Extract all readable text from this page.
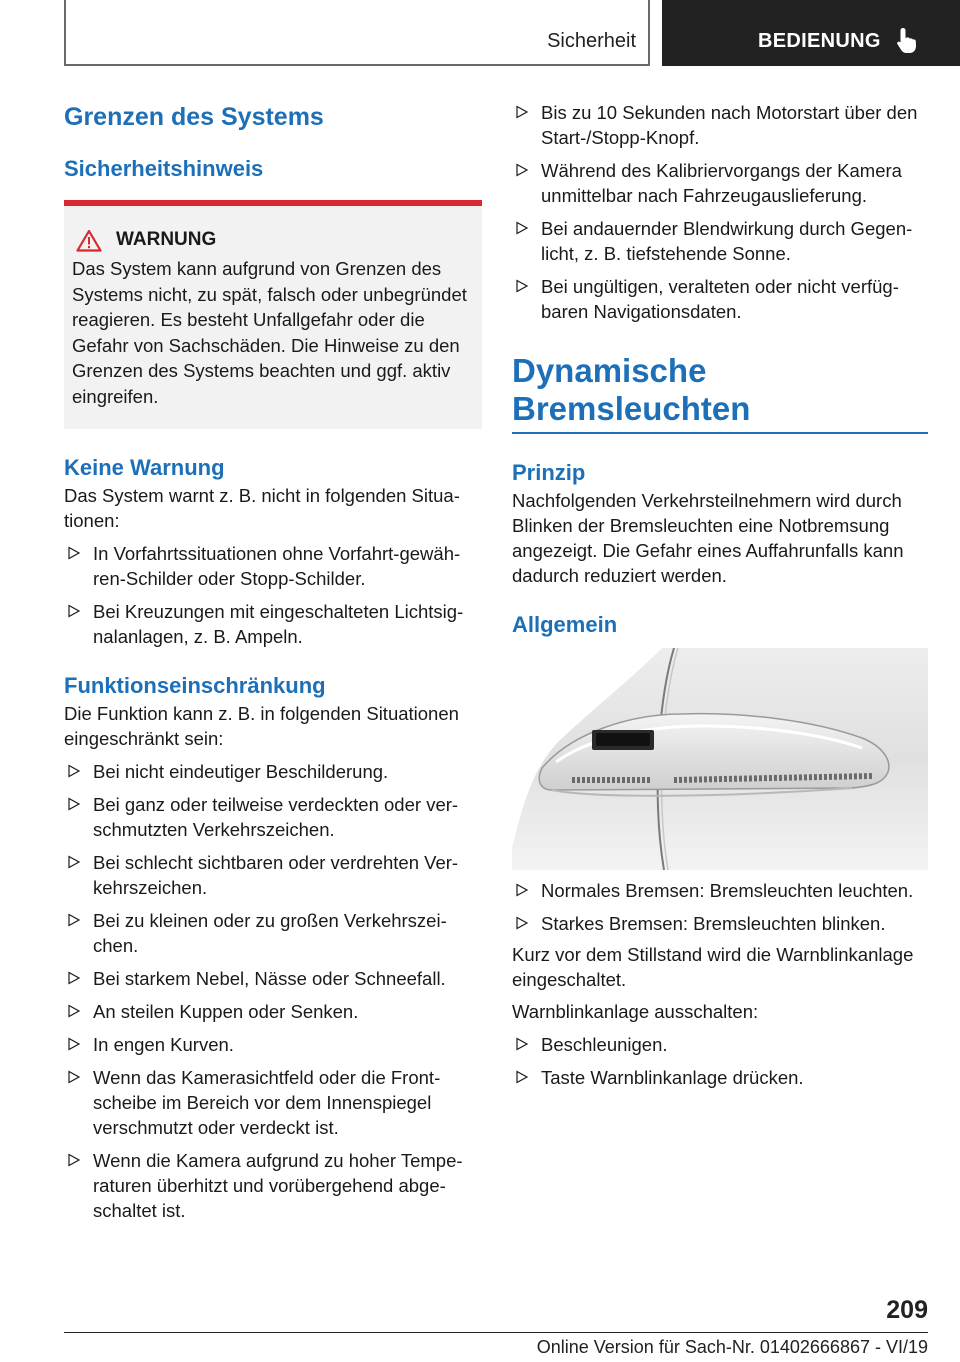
Sicherheit	BEDIENUNG
Grenzen des Systems
Sicherheitshinweis
WARNUNG
Das System kann aufgrund von Grenzen des Systems nicht, zu spät, falsch oder unbegründet reagieren. Es besteht Unfallgefahr oder die Gefahr von Sachschäden. Die Hinweise zu den Grenzen des Systems beachten und ggf. aktiv eingreifen.
Keine Warnung
Das System warnt z. B. nicht in folgenden Situationen:
In Vorfahrtssituationen ohne Vorfahrt-gewähren-Schilder oder Stopp-Schilder.
Bei Kreuzungen mit eingeschalteten Lichtsignalanlagen, z. B. Ampeln.
Funktionseinschränkung
Die Funktion kann z. B. in folgenden Situationen eingeschränkt sein:
Bei nicht eindeutiger Beschilderung.
Bei ganz oder teilweise verdeckten oder verschmutzten Verkehrszeichen.
Bei schlecht sichtbaren oder verdrehten Verkehrszeichen.
Bei zu kleinen oder zu großen Verkehrszeichen.
Bei starkem Nebel, Nässe oder Schneefall.
An steilen Kuppen oder Senken.
In engen Kurven.
Wenn das Kamerasichtfeld oder die Frontscheibe im Bereich vor dem Innenspiegel verschmutzt oder verdeckt ist.
Wenn die Kamera aufgrund zu hoher Temperaturen überhitzt und vorübergehend abgeschaltet ist.
Bis zu 10 Sekunden nach Motorstart über den Start-/Stopp-Knopf.
Während des Kalibriervorgangs der Kamera unmittelbar nach Fahrzeugauslieferung.
Bei andauernder Blendwirkung durch Gegenlicht, z. B. tiefstehende Sonne.
Bei ungültigen, veralteten oder nicht verfügbaren Navigationsdaten.
Dynamische
Bremsleuchten
Prinzip
Nachfolgenden Verkehrsteilnehmern wird durch Blinken der Bremsleuchten eine Notbremsung angezeigt. Die Gefahr eines Auffahrunfalls kann dadurch reduziert werden.
Allgemein
Normales Bremsen: Bremsleuchten leuchten.
Starkes Bremsen: Bremsleuchten blinken.
Kurz vor dem Stillstand wird die Warnblinkanlage eingeschaltet.
Warnblinkanlage ausschalten:
Beschleunigen.
Taste Warnblinkanlage drücken.
209
Online Version für Sach-Nr. 01402666867 - VI/19
